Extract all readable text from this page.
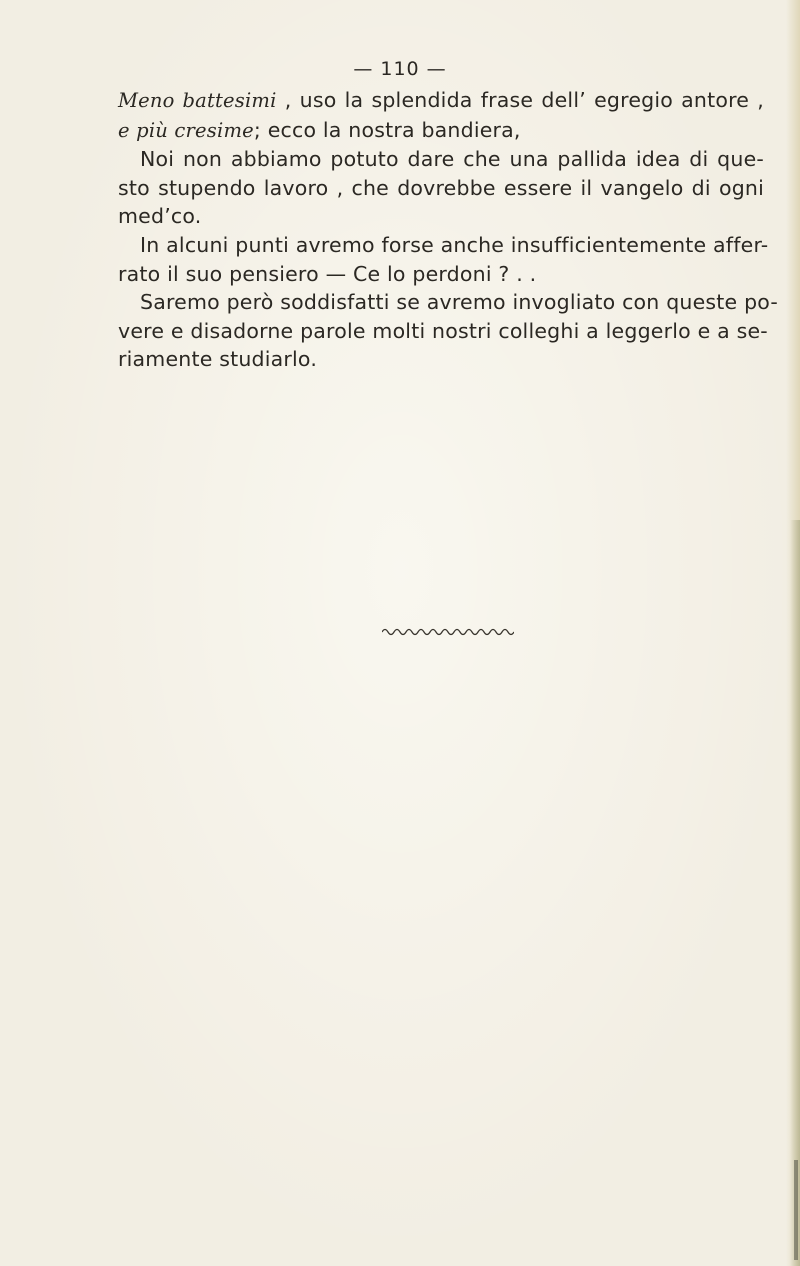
— 110 —
Meno battesimi , uso la splendida frase dell’ egregio antore ,
e più cresime; ecco la nostra bandiera,
Noi non abbiamo potuto dare che una pallida idea di que-
sto stupendo lavoro , che dovrebbe essere il vangelo di ogni
med’co.
In alcuni punti avremo forse anche insufficientemente affer-
rato il suo pensiero — Ce lo perdoni ? . .
Saremo però soddisfatti se avremo invogliato con queste po-
vere e disadorne parole molti nostri colleghi a leggerlo e a se-
riamente studiarlo.
